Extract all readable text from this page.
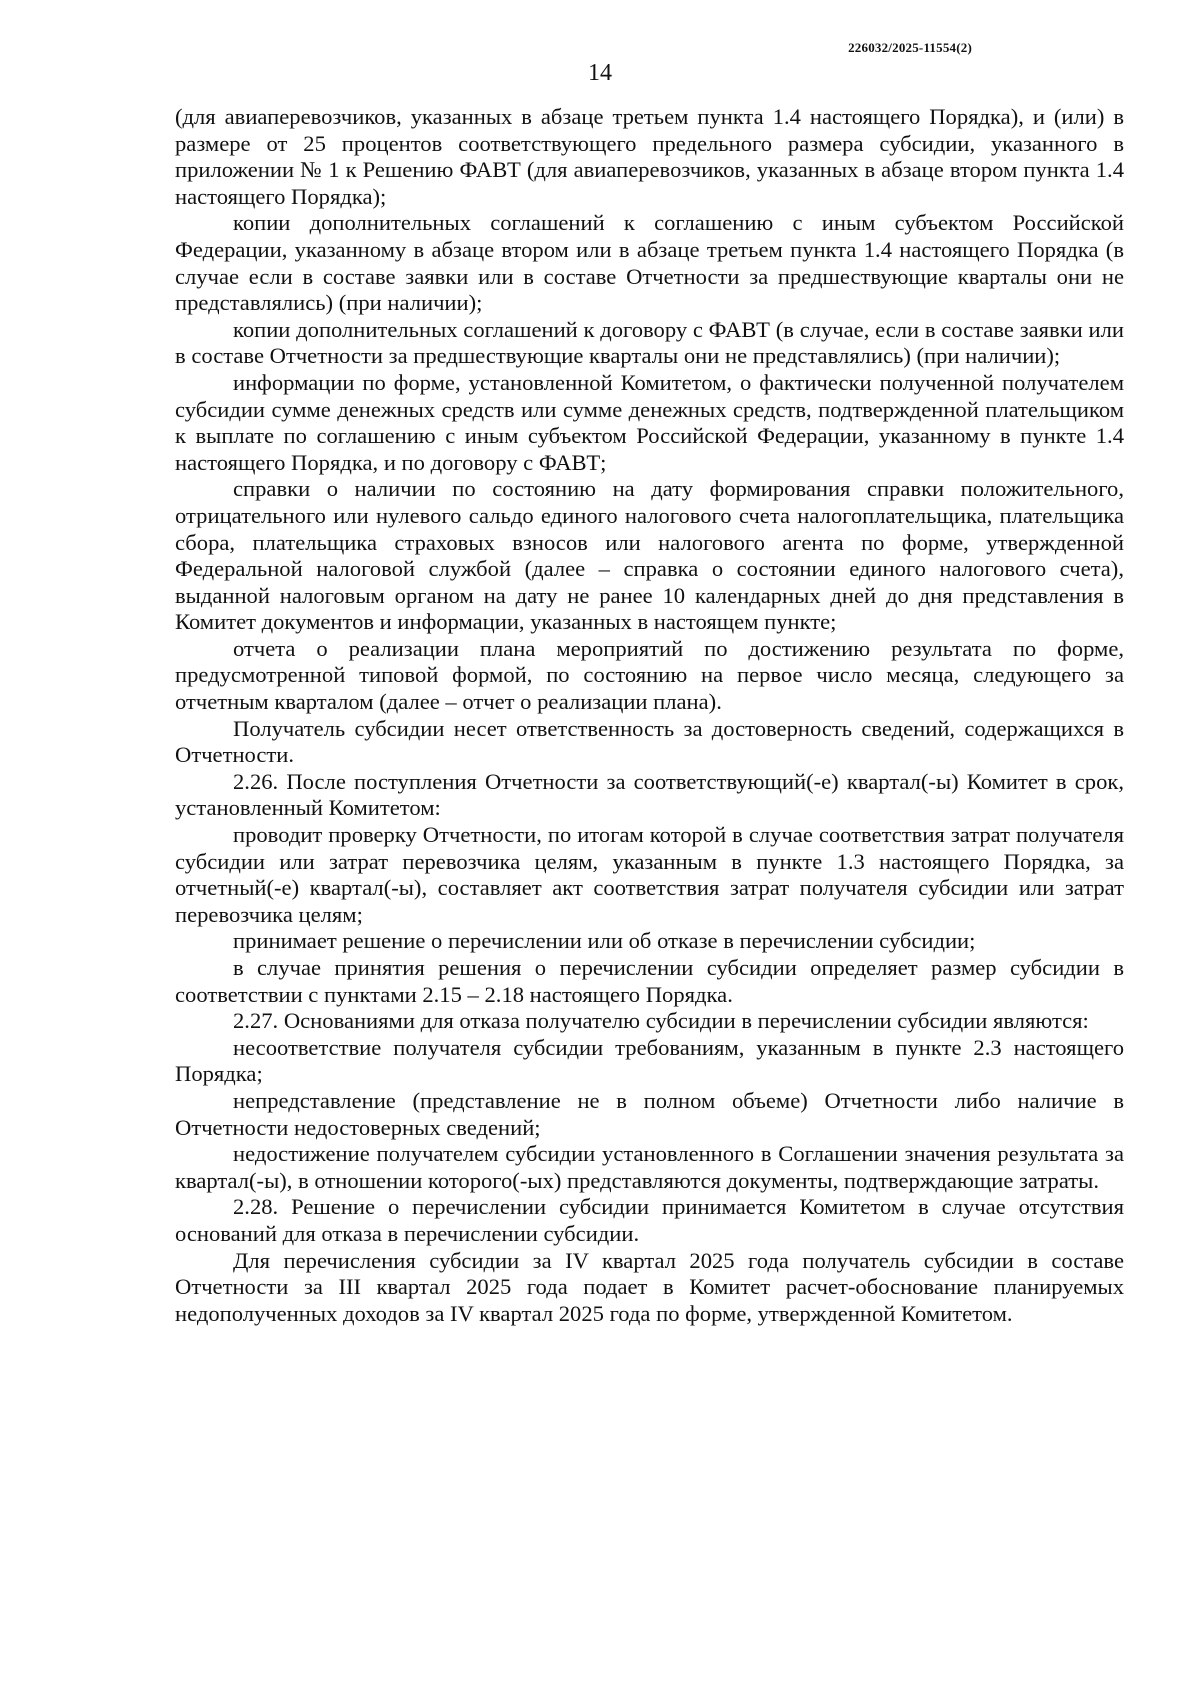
226032/2025-11554(2)
14

(для авиаперевозчиков, указанных в абзаце третьем пункта 1.4 настоящего Порядка), и (или) в размере от 25 процентов соответствующего предельного размера субсидии, указанного в приложении № 1 к Решению ФАВТ (для авиаперевозчиков, указанных в абзаце втором пункта 1.4 настоящего Порядка);

копии дополнительных соглашений к соглашению с иным субъектом Российской Федерации, указанному в абзаце втором или в абзаце третьем пункта 1.4 настоящего Порядка (в случае если в составе заявки или в составе Отчетности за предшествующие кварталы они не представлялись) (при наличии);

копии дополнительных соглашений к договору с ФАВТ (в случае, если в составе заявки или в составе Отчетности за предшествующие кварталы они не представлялись) (при наличии);

информации по форме, установленной Комитетом, о фактически полученной получателем субсидии сумме денежных средств или сумме денежных средств, подтвержденной плательщиком к выплате по соглашению с иным субъектом Российской Федерации, указанному в пункте 1.4 настоящего Порядка, и по договору с ФАВТ;

справки о наличии по состоянию на дату формирования справки положительного, отрицательного или нулевого сальдо единого налогового счета налогоплательщика, плательщика сбора, плательщика страховых взносов или налогового агента по форме, утвержденной Федеральной налоговой службой (далее – справка о состоянии единого налогового счета), выданной налоговым органом на дату не ранее 10 календарных дней до дня представления в Комитет документов и информации, указанных в настоящем пункте;

отчета о реализации плана мероприятий по достижению результата по форме, предусмотренной типовой формой, по состоянию на первое число месяца, следующего за отчетным кварталом (далее – отчет о реализации плана).

Получатель субсидии несет ответственность за достоверность сведений, содержащихся в Отчетности.

2.26. После поступления Отчетности за соответствующий(-е) квартал(-ы) Комитет в срок, установленный Комитетом:

проводит проверку Отчетности, по итогам которой в случае соответствия затрат получателя субсидии или затрат перевозчика целям, указанным в пункте 1.3 настоящего Порядка, за отчетный(-е) квартал(-ы), составляет акт соответствия затрат получателя субсидии или затрат перевозчика целям;

принимает решение о перечислении или об отказе в перечислении субсидии;

в случае принятия решения о перечислении субсидии определяет размер субсидии в соответствии с пунктами 2.15 – 2.18 настоящего Порядка.

2.27. Основаниями для отказа получателю субсидии в перечислении субсидии являются:

несоответствие получателя субсидии требованиям, указанным в пункте 2.3 настоящего Порядка;

непредставление (представление не в полном объеме) Отчетности либо наличие в Отчетности недостоверных сведений;

недостижение получателем субсидии установленного в Соглашении значения результата за квартал(-ы), в отношении которого(-ых) представляются документы, подтверждающие затраты.

2.28. Решение о перечислении субсидии принимается Комитетом в случае отсутствия оснований для отказа в перечислении субсидии.

Для перечисления субсидии за IV квартал 2025 года получатель субсидии в составе Отчетности за III квартал 2025 года подает в Комитет расчет-обоснование планируемых недополученных доходов за IV квартал 2025 года по форме, утвержденной Комитетом.
